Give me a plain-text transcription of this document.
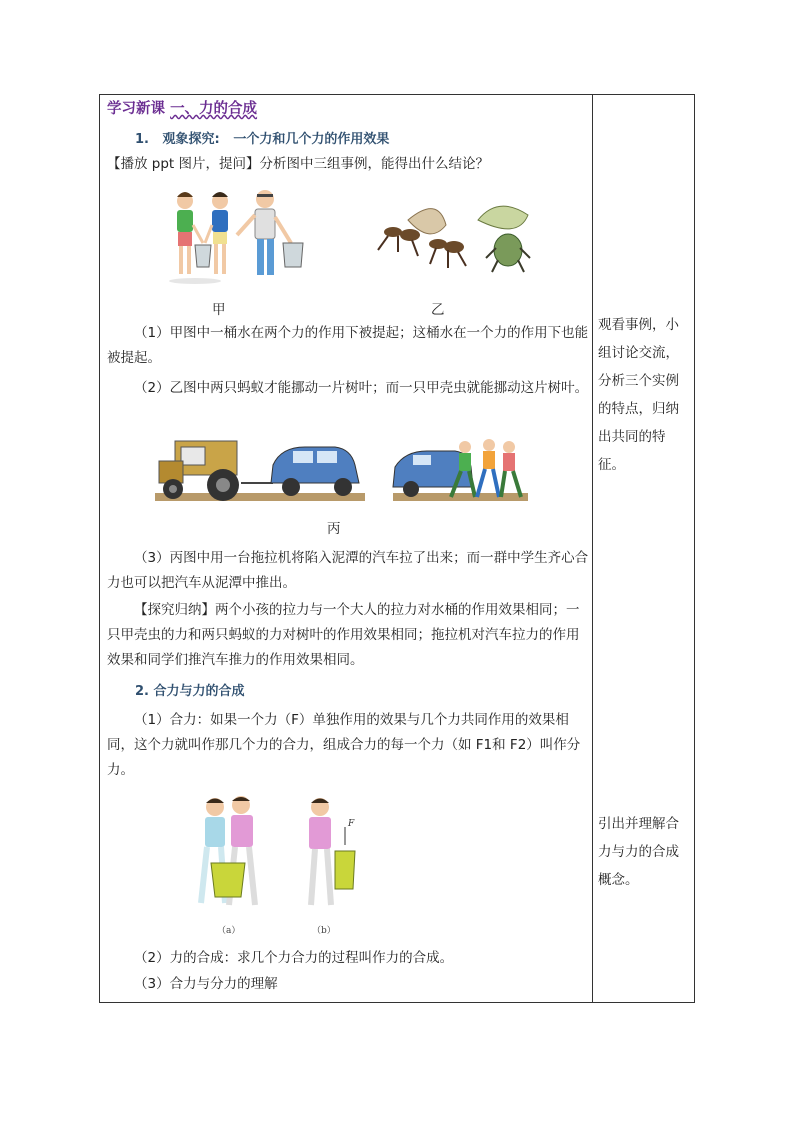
学习新课 一、力的合成
1.   观象探究:   一个力和几个力的作用效果
【播放 ppt 图片，提问】分析图中三组事例，能得出什么结论？
甲	乙
（1）甲图中一桶水在两个力的作用下被提起；这桶水在一个力的作用下也能被提起。
（2）乙图中两只蚂蚁才能挪动一片树叶；而一只甲壳虫就能挪动这片树叶。
丙
（3）丙图中用一台拖拉机将陷入泥潭的汽车拉了出来；而一群中学生齐心合力也可以把汽车从泥潭中推出。
【探究归纳】两个小孩的拉力与一个大人的拉力对水桶的作用效果相同；一只甲壳虫的力和两只蚂蚁的力对树叶的作用效果相同；拖拉机对汽车拉力的作用效果和同学们推汽车推力的作用效果相同。
2. 合力与力的合成
（1）合力：如果一个力（F）单独作用的效果与几个力共同作用的效果相同，这个力就叫作那几个力的合力，组成合力的每一个力（如 F1和 F2）叫作分力。
（a）
F
（b）
（2）力的合成：求几个力合力的过程叫作力的合成。
（3）合力与分力的理解
观看事例，小组讨论交流，分析三个实例的特点，归纳出共同的特征。
引出并理解合力与力的合成概念。
